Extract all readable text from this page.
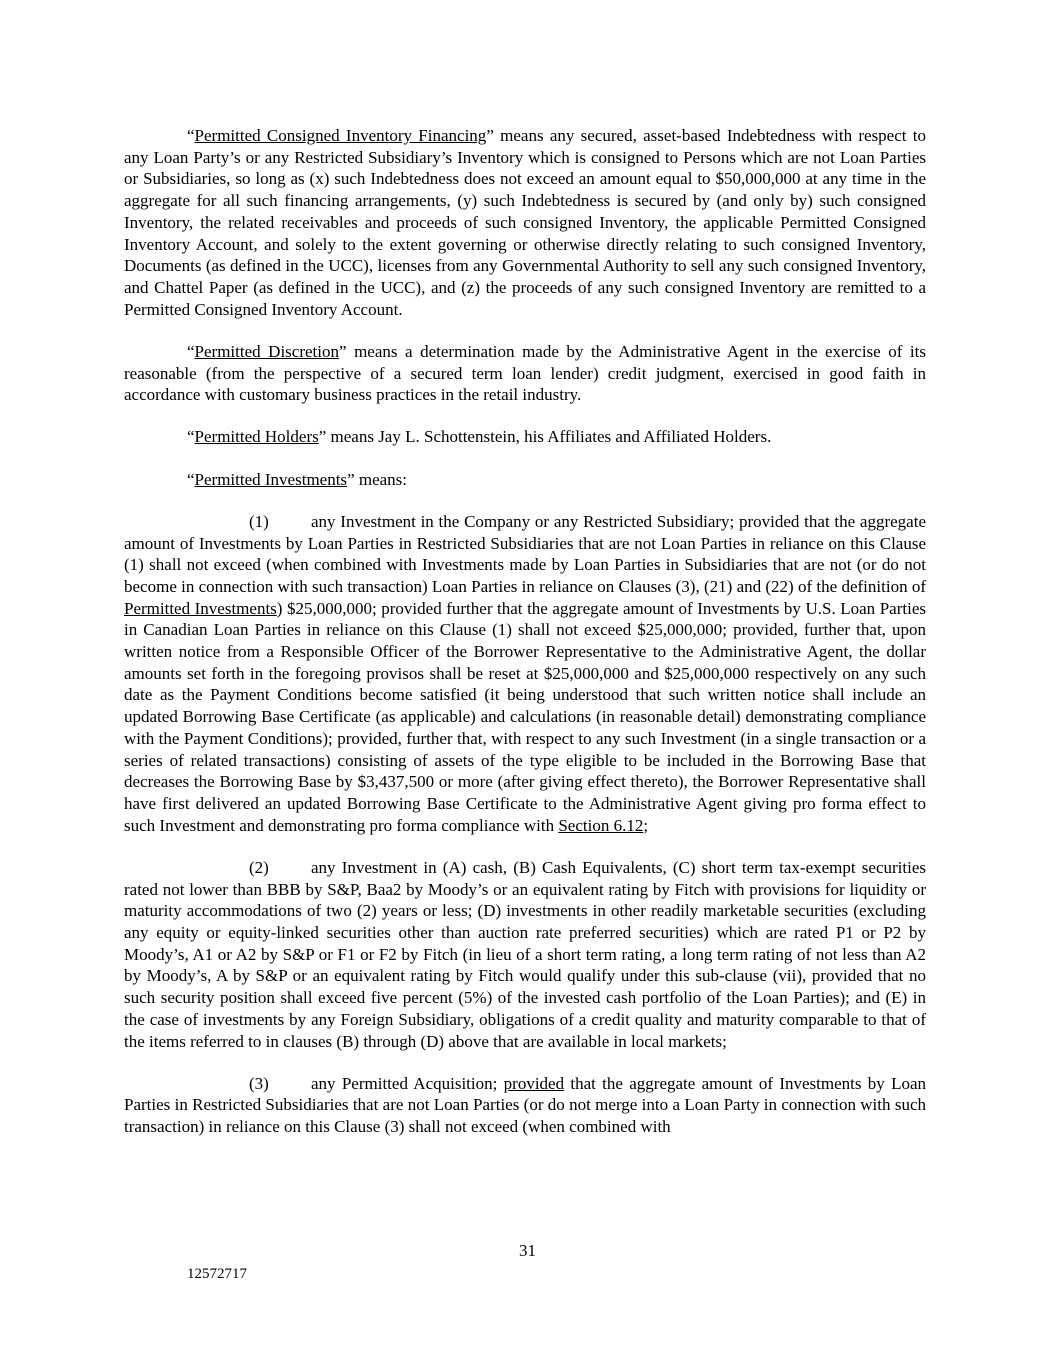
“Permitted Consigned Inventory Financing” means any secured, asset-based Indebtedness with respect to any Loan Party’s or any Restricted Subsidiary’s Inventory which is consigned to Persons which are not Loan Parties or Subsidiaries, so long as (x) such Indebtedness does not exceed an amount equal to $50,000,000 at any time in the aggregate for all such financing arrangements, (y) such Indebtedness is secured by (and only by) such consigned Inventory, the related receivables and proceeds of such consigned Inventory, the applicable Permitted Consigned Inventory Account, and solely to the extent governing or otherwise directly relating to such consigned Inventory, Documents (as defined in the UCC), licenses from any Governmental Authority to sell any such consigned Inventory, and Chattel Paper (as defined in the UCC), and (z) the proceeds of any such consigned Inventory are remitted to a Permitted Consigned Inventory Account.

“Permitted Discretion” means a determination made by the Administrative Agent in the exercise of its reasonable (from the perspective of a secured term loan lender) credit judgment, exercised in good faith in accordance with customary business practices in the retail industry.

“Permitted Holders” means Jay L. Schottenstein, his Affiliates and Affiliated Holders.

“Permitted Investments” means:

(1) any Investment in the Company or any Restricted Subsidiary; provided that the aggregate amount of Investments by Loan Parties in Restricted Subsidiaries that are not Loan Parties in reliance on this Clause (1) shall not exceed (when combined with Investments made by Loan Parties in Subsidiaries that are not (or do not become in connection with such transaction) Loan Parties in reliance on Clauses (3), (21) and (22) of the definition of Permitted Investments) $25,000,000; provided further that the aggregate amount of Investments by U.S. Loan Parties in Canadian Loan Parties in reliance on this Clause (1) shall not exceed $25,000,000; provided, further that, upon written notice from a Responsible Officer of the Borrower Representative to the Administrative Agent, the dollar amounts set forth in the foregoing provisos shall be reset at $25,000,000 and $25,000,000 respectively on any such date as the Payment Conditions become satisfied (it being understood that such written notice shall include an updated Borrowing Base Certificate (as applicable) and calculations (in reasonable detail) demonstrating compliance with the Payment Conditions); provided, further that, with respect to any such Investment (in a single transaction or a series of related transactions) consisting of assets of the type eligible to be included in the Borrowing Base that decreases the Borrowing Base by $3,437,500 or more (after giving effect thereto), the Borrower Representative shall have first delivered an updated Borrowing Base Certificate to the Administrative Agent giving pro forma effect to such Investment and demonstrating pro forma compliance with Section 6.12;

(2) any Investment in (A) cash, (B) Cash Equivalents, (C) short term tax-exempt securities rated not lower than BBB by S&P, Baa2 by Moody’s or an equivalent rating by Fitch with provisions for liquidity or maturity accommodations of two (2) years or less; (D) investments in other readily marketable securities (excluding any equity or equity-linked securities other than auction rate preferred securities) which are rated P1 or P2 by Moody’s, A1 or A2 by S&P or F1 or F2 by Fitch (in lieu of a short term rating, a long term rating of not less than A2 by Moody’s, A by S&P or an equivalent rating by Fitch would qualify under this sub-clause (vii), provided that no such security position shall exceed five percent (5%) of the invested cash portfolio of the Loan Parties); and (E) in the case of investments by any Foreign Subsidiary, obligations of a credit quality and maturity comparable to that of the items referred to in clauses (B) through (D) above that are available in local markets;

(3) any Permitted Acquisition; provided that the aggregate amount of Investments by Loan Parties in Restricted Subsidiaries that are not Loan Parties (or do not merge into a Loan Party in connection with such transaction) in reliance on this Clause (3) shall not exceed (when combined with

31
12572717
